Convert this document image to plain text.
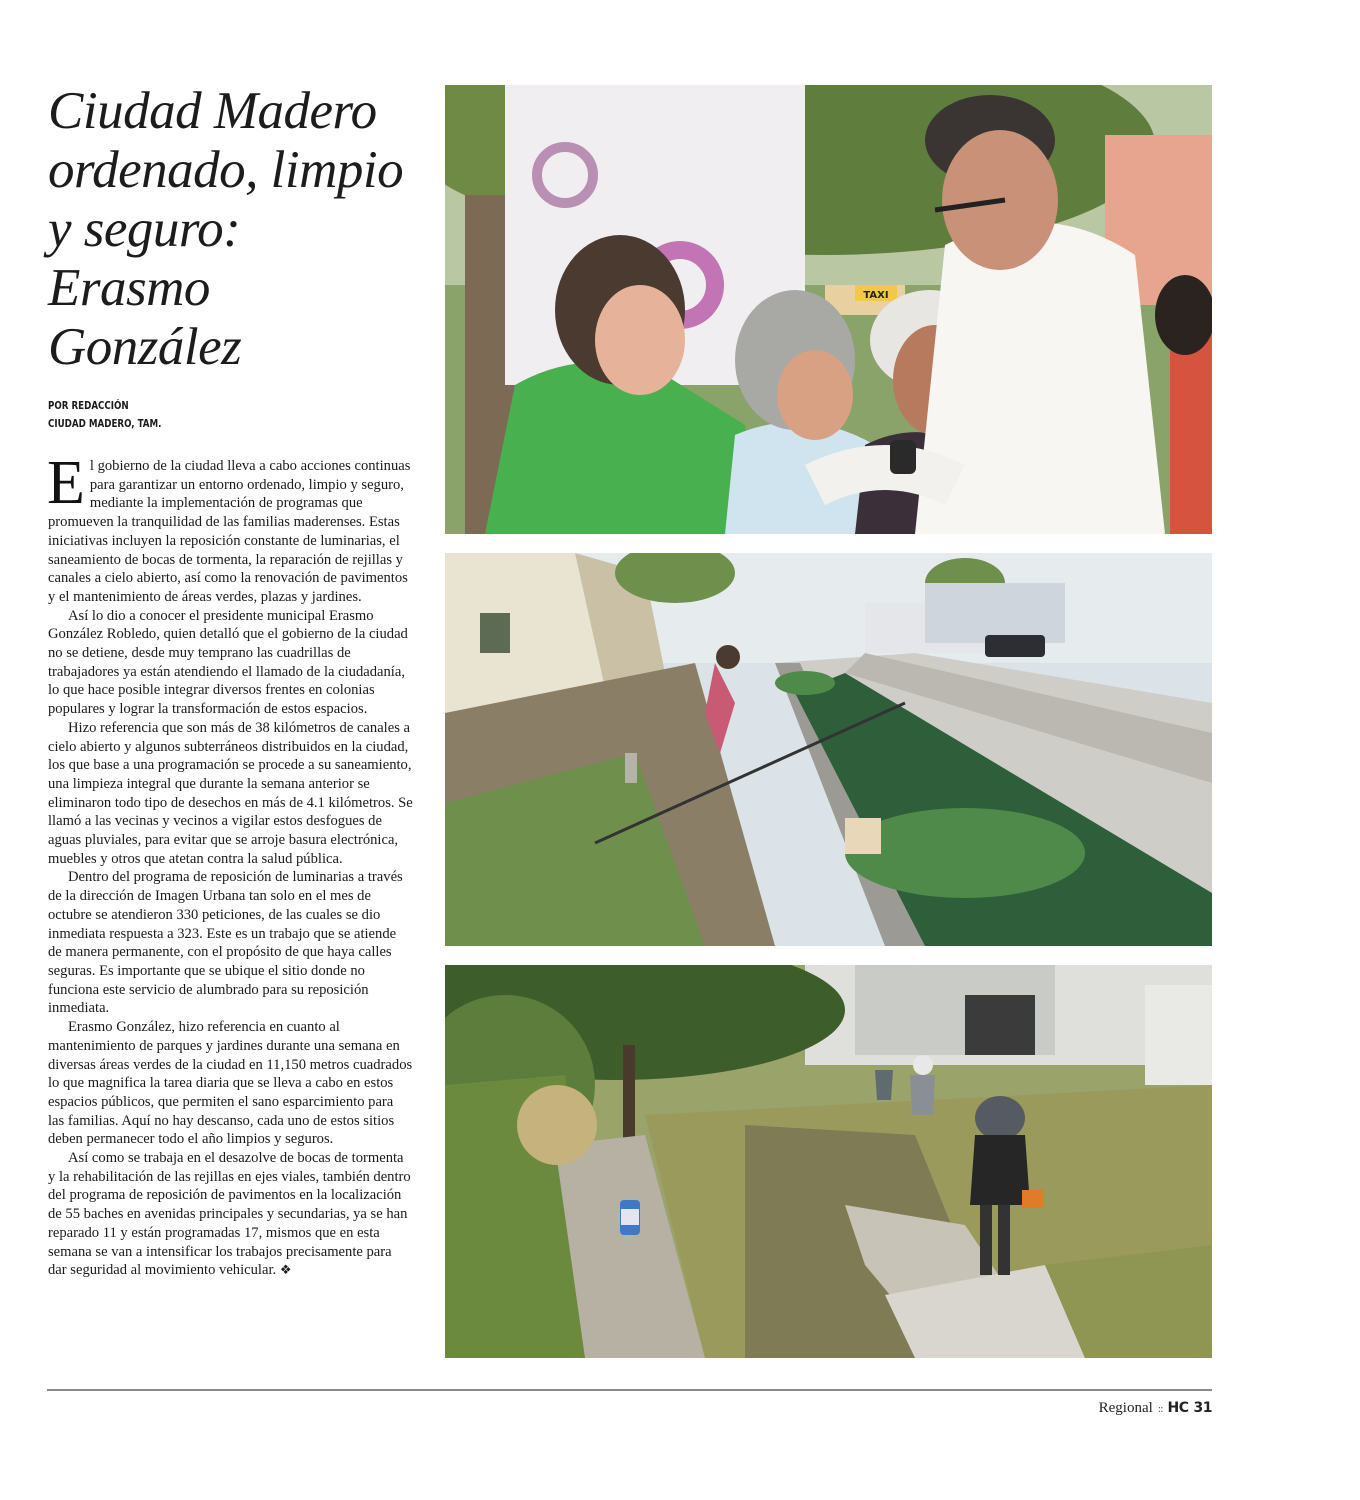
Ciudad Madero ordenado, limpio y seguro: Erasmo González
POR REDACCIÓN
CIUDAD MADERO, TAM.

El gobierno de la ciudad lleva a cabo acciones continuas para garantizar un entorno ordenado, limpio y seguro, mediante la implementación de programas que promueven la tranquilidad de las familias maderenses. Estas iniciativas incluyen la reposición constante de luminarias, el saneamiento de bocas de tormenta, la reparación de rejillas y canales a cielo abierto, así como la renovación de pavimentos y el mantenimiento de áreas verdes, plazas y jardines.

Así lo dio a conocer el presidente municipal Erasmo González Robledo, quien detalló que el gobierno de la ciudad no se detiene, desde muy temprano las cuadrillas de trabajadores ya están atendiendo el llamado de la ciudadanía, lo que hace posible integrar diversos frentes en colonias populares y lograr la transformación de estos espacios.

Hizo referencia que son más de 38 kilómetros de canales a cielo abierto y algunos subterráneos distribuidos en la ciudad, los que base a una programación se procede a su saneamiento, una limpieza integral que durante la semana anterior se eliminaron todo tipo de desechos en más de 4.1 kilómetros. Se llamó a las vecinas y vecinos a vigilar estos desfogues de aguas pluviales, para evitar que se arroje basura electrónica, muebles y otros que atetan contra la salud pública.

Dentro del programa de reposición de luminarias a través de la dirección de Imagen Urbana tan solo en el mes de octubre se atendieron 330 peticiones, de las cuales se dio inmediata respuesta a 323. Este es un trabajo que se atiende de manera permanente, con el propósito de que haya calles seguras. Es importante que se ubique el sitio donde no funciona este servicio de alumbrado para su reposición inmediata.

Erasmo González, hizo referencia en cuanto al mantenimiento de parques y jardines durante una semana en diversas áreas verdes de la ciudad en 11,150 metros cuadrados lo que magnifica la tarea diaria que se lleva a cabo en estos espacios públicos, que permiten el sano esparcimiento para las familias. Aquí no hay descanso, cada uno de estos sitios deben permanecer todo el año limpios y seguros.

Así como se trabaja en el desazolve de bocas de tormenta y la rehabilitación de las rejillas en ejes viales, también dentro del programa de reposición de pavimentos en la localización de 55 baches en avenidas principales y secundarias, ya se han reparado 11 y están programadas 17, mismos que en esta semana se van a intensificar los trabajos precisamente para dar seguridad al movimiento vehicular. ❖

TAXI
Regional :: HC 31
